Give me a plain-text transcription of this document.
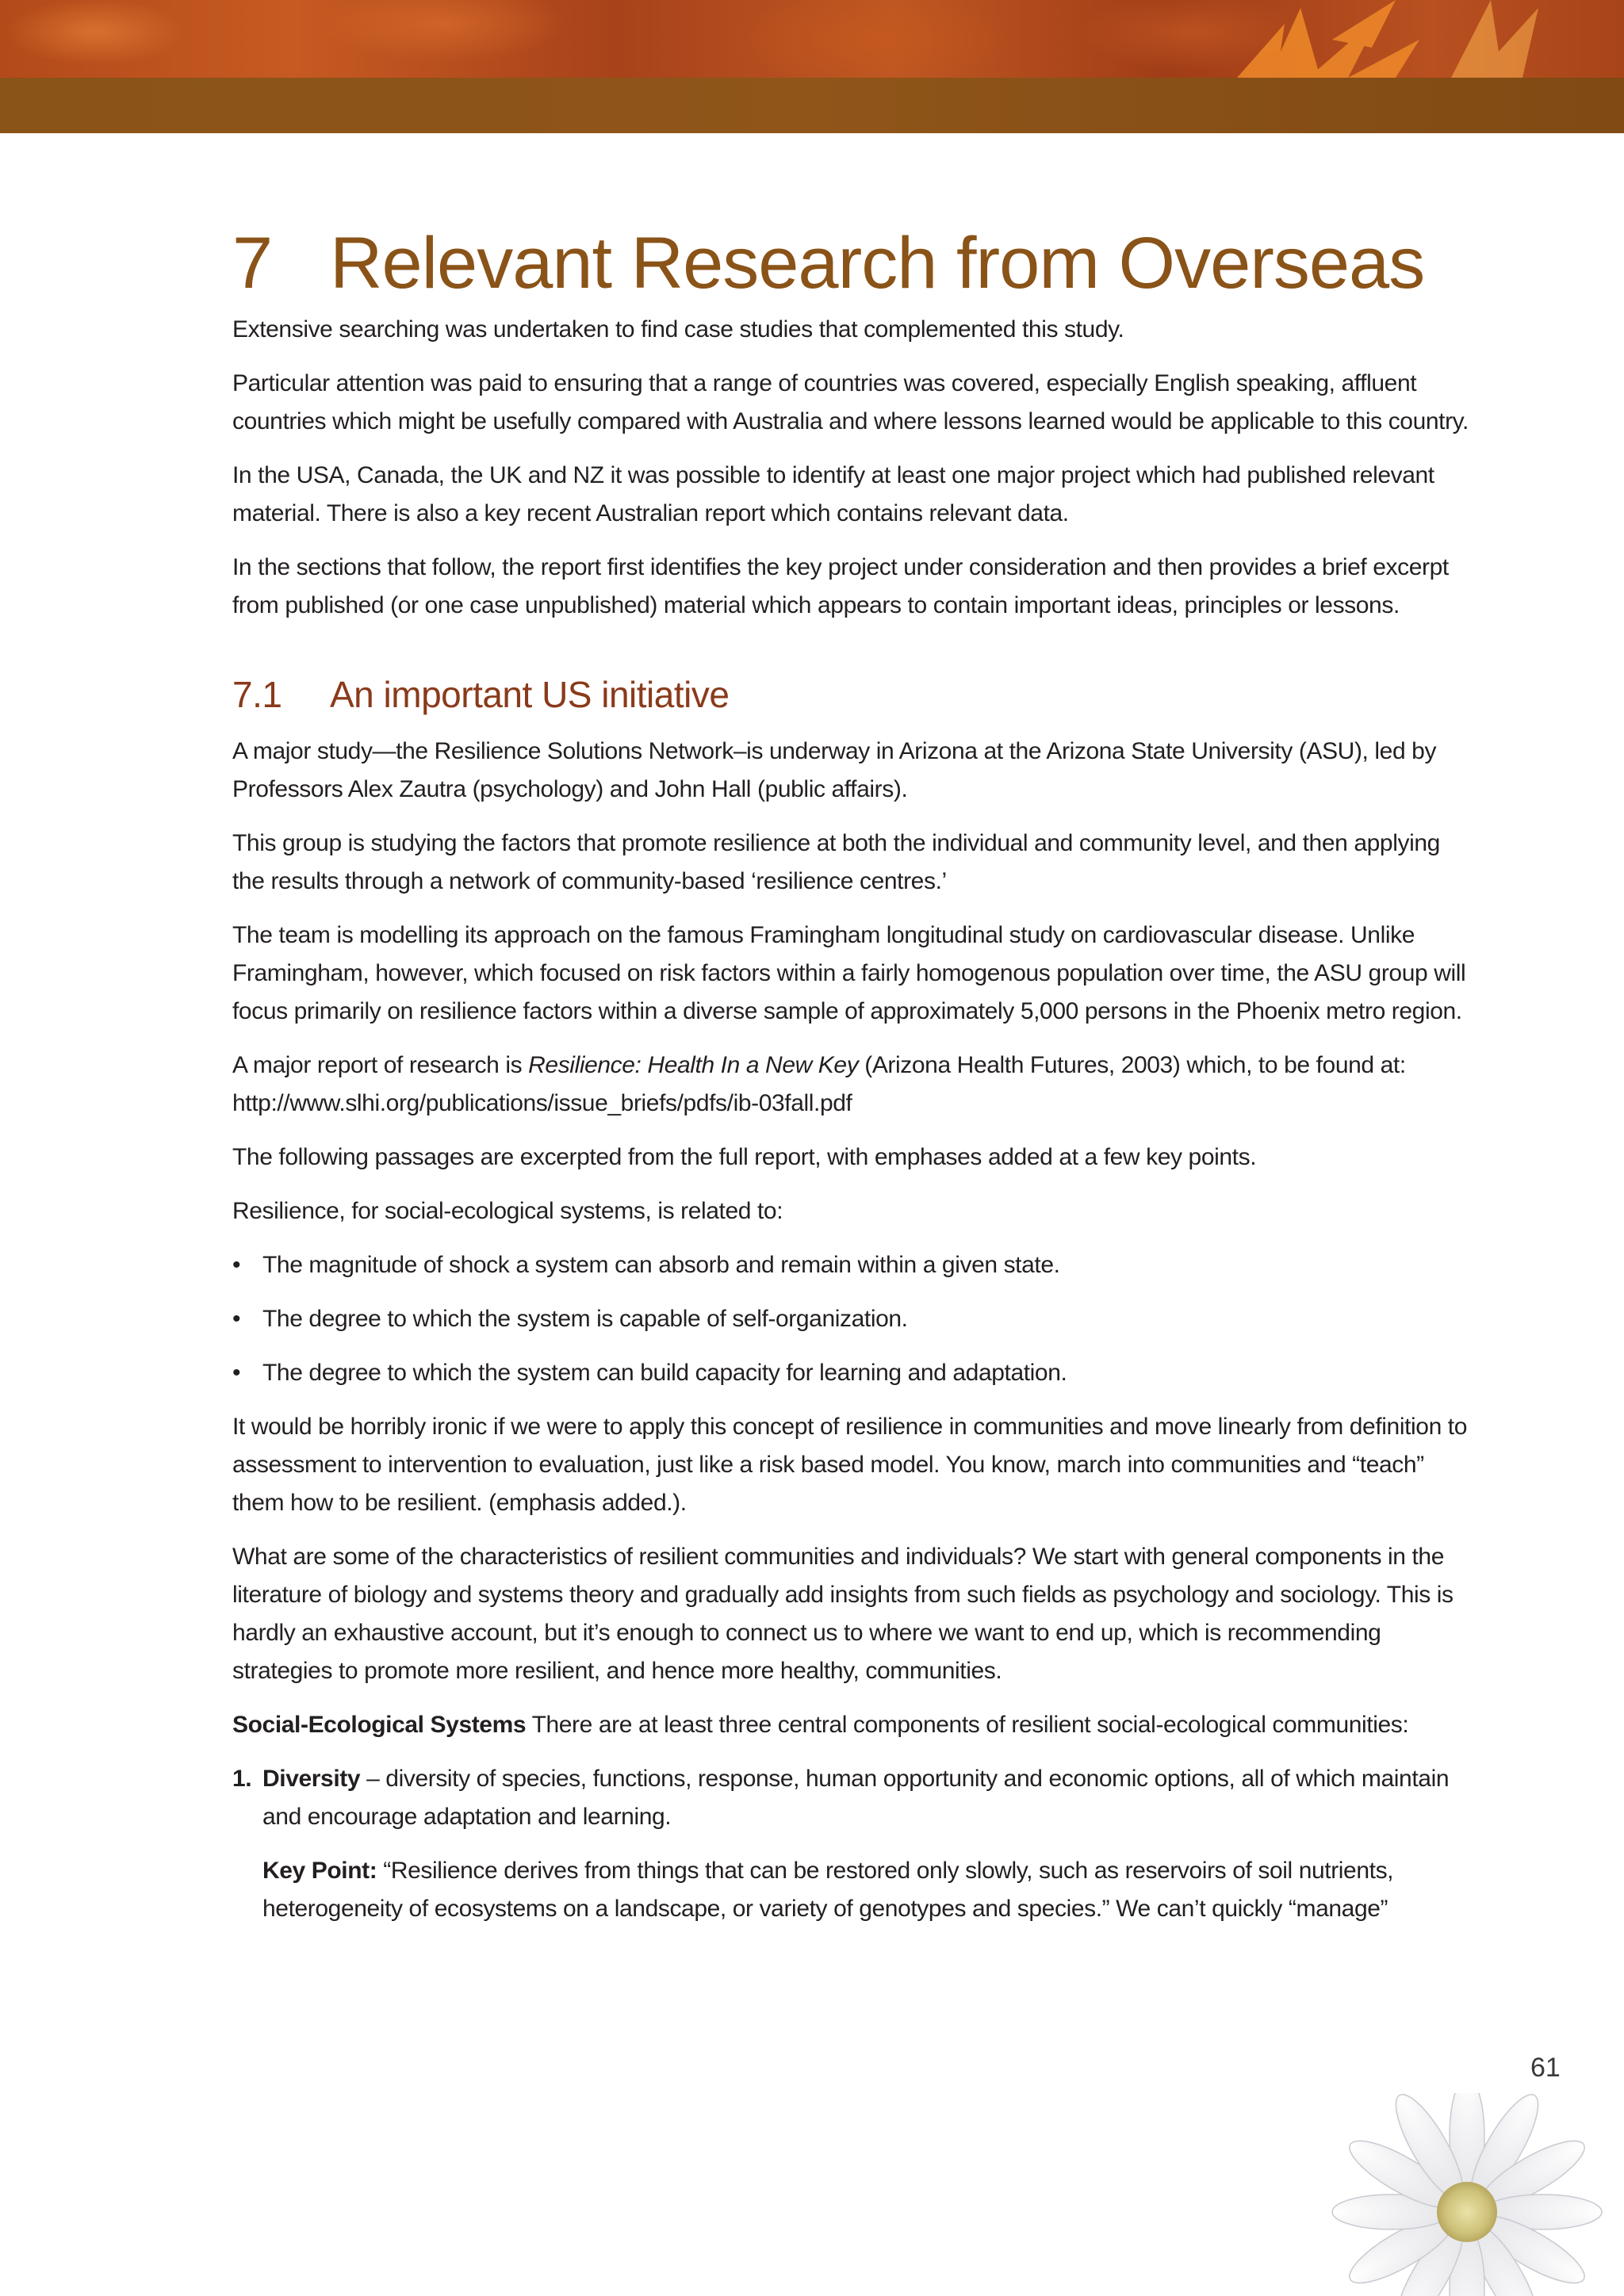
7 Relevant Research from Overseas

Extensive searching was undertaken to find case studies that complemented this study.

Particular attention was paid to ensuring that a range of countries was covered, especially English speaking, affluent countries which might be usefully compared with Australia and where lessons learned would be applicable to this country.

In the USA, Canada, the UK and NZ it was possible to identify at least one major project which had published relevant material. There is also a key recent Australian report which contains relevant data.

In the sections that follow, the report first identifies the key project under consideration and then provides a brief excerpt from published (or one case unpublished) material which appears to contain important ideas, principles or lessons.

7.1 An important US initiative

A major study—the Resilience Solutions Network–is underway in Arizona at the Arizona State University (ASU), led by Professors Alex Zautra (psychology) and John Hall (public affairs).

This group is studying the factors that promote resilience at both the individual and community level, and then applying the results through a network of community-based ‘resilience centres.’

The team is modelling its approach on the famous Framingham longitudinal study on cardiovascular disease. Unlike Framingham, however, which focused on risk factors within a fairly homogenous population over time, the ASU group will focus primarily on resilience factors within a diverse sample of approximately 5,000 persons in the Phoenix metro region.

A major report of research is Resilience: Health In a New Key (Arizona Health Futures, 2003) which, to be found at: http://www.slhi.org/publications/issue_briefs/pdfs/ib-03fall.pdf

The following passages are excerpted from the full report, with emphases added at a few key points.

Resilience, for social-ecological systems, is related to:

• The magnitude of shock a system can absorb and remain within a given state.
• The degree to which the system is capable of self-organization.
• The degree to which the system can build capacity for learning and adaptation.

It would be horribly ironic if we were to apply this concept of resilience in communities and move linearly from definition to assessment to intervention to evaluation, just like a risk based model. You know, march into communities and “teach” them how to be resilient. (emphasis added.).

What are some of the characteristics of resilient communities and individuals? We start with general components in the literature of biology and systems theory and gradually add insights from such fields as psychology and sociology. This is hardly an exhaustive account, but it’s enough to connect us to where we want to end up, which is recommending strategies to promote more resilient, and hence more healthy, communities.

Social-Ecological Systems There are at least three central components of resilient social-ecological communities:

1. Diversity – diversity of species, functions, response, human opportunity and economic options, all of which maintain and encourage adaptation and learning.

Key Point: “Resilience derives from things that can be restored only slowly, such as reservoirs of soil nutrients, heterogeneity of ecosystems on a landscape, or variety of genotypes and species.” We can’t quickly “manage”

61
